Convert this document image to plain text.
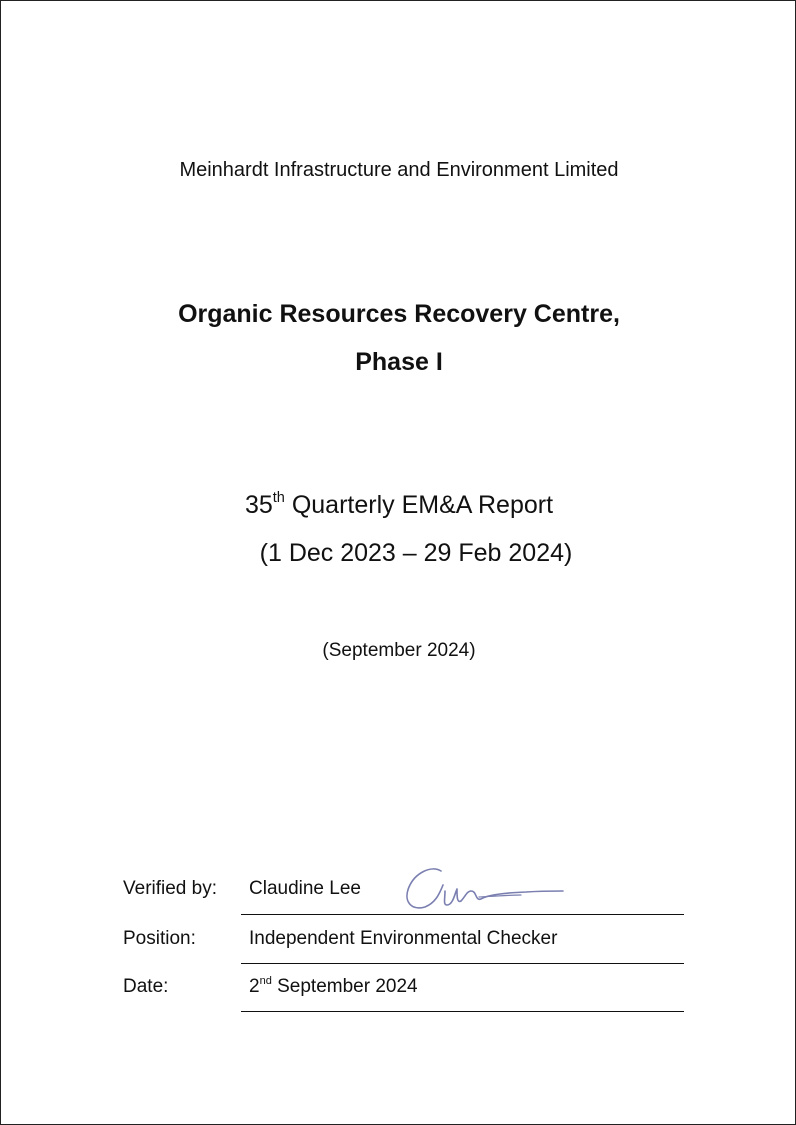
Meinhardt Infrastructure and Environment Limited
Organic Resources Recovery Centre,
Phase I
35th Quarterly EM&A Report
(1 Dec 2023 – 29 Feb 2024)
(September 2024)
Verified by: Claudine Lee
Position:	Independent Environmental Checker
Date:	2nd September 2024
